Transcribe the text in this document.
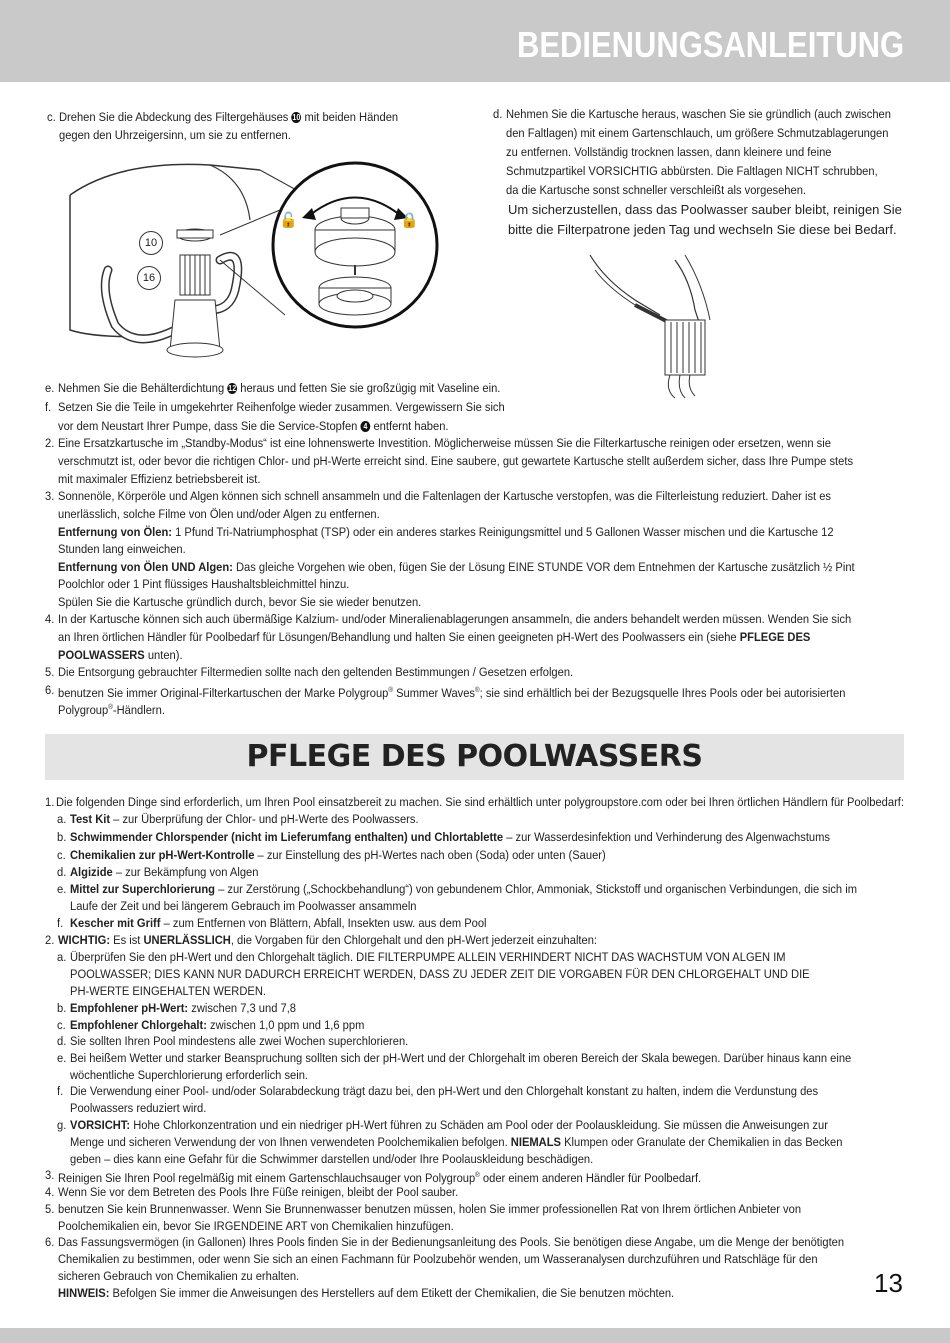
BEDIENUNGSANLEITUNG
c. Drehen Sie die Abdeckung des Filtergehäuses 10 mit beiden Händen
gegen den Uhrzeigersinn, um sie zu entfernen.
d. Nehmen Sie die Kartusche heraus, waschen Sie sie gründlich (auch zwischen
den Faltlagen) mit einem Gartenschlauch, um größere Schmutzablagerungen
zu entfernen. Vollständig trocknen lassen, dann kleinere und feine
Schmutzpartikel VORSICHTIG abbürsten. Die Faltlagen NICHT schrubben,
da die Kartusche sonst schneller verschleißt als vorgesehen.
Um sicherzustellen, dass das Poolwasser sauber bleibt, reinigen Sie
bitte die Filterpatrone jeden Tag und wechseln Sie diese bei Bedarf.
10
16
🔓	🔒
e. Nehmen Sie die Behälterdichtung 12 heraus und fetten Sie sie großzügig mit Vaseline ein.
f. Setzen Sie die Teile in umgekehrter Reihenfolge wieder zusammen. Vergewissern Sie sich
vor dem Neustart Ihrer Pumpe, dass Sie die Service-Stopfen 4 entfernt haben.
2. Eine Ersatzkartusche im „Standby-Modus“ ist eine lohnenswerte Investition. Möglicherweise müssen Sie die Filterkartusche reinigen oder ersetzen, wenn sie
verschmutzt ist, oder bevor die richtigen Chlor- und pH-Werte erreicht sind. Eine saubere, gut gewartete Kartusche stellt außerdem sicher, dass Ihre Pumpe stets
mit maximaler Effizienz betriebsbereit ist.
3. Sonnenöle, Körperöle und Algen können sich schnell ansammeln und die Faltenlagen der Kartusche verstopfen, was die Filterleistung reduziert. Daher ist es
unerlässlich, solche Filme von Ölen und/oder Algen zu entfernen.
Entfernung von Ölen: 1 Pfund Tri-Natriumphosphat (TSP) oder ein anderes starkes Reinigungsmittel und 5 Gallonen Wasser mischen und die Kartusche 12
Stunden lang einweichen.
Entfernung von Ölen UND Algen: Das gleiche Vorgehen wie oben, fügen Sie der Lösung EINE STUNDE VOR dem Entnehmen der Kartusche zusätzlich ½ Pint
Poolchlor oder 1 Pint flüssiges Haushaltsbleichmittel hinzu.
Spülen Sie die Kartusche gründlich durch, bevor Sie sie wieder benutzen.
4. In der Kartusche können sich auch übermäßige Kalzium- und/oder Mineralienablagerungen ansammeln, die anders behandelt werden müssen. Wenden Sie sich
an Ihren örtlichen Händler für Poolbedarf für Lösungen/Behandlung und halten Sie einen geeigneten pH-Wert des Poolwassers ein (siehe PFLEGE DES
POOLWASSERS unten).
5. Die Entsorgung gebrauchter Filtermedien sollte nach den geltenden Bestimmungen / Gesetzen erfolgen.
6. benutzen Sie immer Original-Filterkartuschen der Marke Polygroup® Summer Waves®; sie sind erhältlich bei der Bezugsquelle Ihres Pools oder bei autorisierten
Polygroup®-Händlern.
PFLEGE DES POOLWASSERS
1. Die folgenden Dinge sind erforderlich, um Ihren Pool einsatzbereit zu machen. Sie sind erhältlich unter polygroupstore.com oder bei Ihren örtlichen Händlern für Poolbedarf:
a. Test Kit – zur Überprüfung der Chlor- und pH-Werte des Poolwassers.
b. Schwimmender Chlorspender (nicht im Lieferumfang enthalten) und Chlortablette – zur Wasserdesinfektion und Verhinderung des Algenwachstums
c. Chemikalien zur pH-Wert-Kontrolle – zur Einstellung des pH-Wertes nach oben (Soda) oder unten (Sauer)
d. Algizide – zur Bekämpfung von Algen
e. Mittel zur Superchlorierung – zur Zerstörung („Schockbehandlung“) von gebundenem Chlor, Ammoniak, Stickstoff und organischen Verbindungen, die sich im
Laufe der Zeit und bei längerem Gebrauch im Poolwasser ansammeln
f. Kescher mit Griff – zum Entfernen von Blättern, Abfall, Insekten usw. aus dem Pool
2. WICHTIG: Es ist UNERLÄSSLICH, die Vorgaben für den Chlorgehalt und den pH-Wert jederzeit einzuhalten:
a. Überprüfen Sie den pH-Wert und den Chlorgehalt täglich. DIE FILTERPUMPE ALLEIN VERHINDERT NICHT DAS WACHSTUM VON ALGEN IM
POOLWASSER; DIES KANN NUR DADURCH ERREICHT WERDEN, DASS ZU JEDER ZEIT DIE VORGABEN FÜR DEN CHLORGEHALT UND DIE
PH-WERTE EINGEHALTEN WERDEN.
b. Empfohlener pH-Wert: zwischen 7,3 und 7,8
c. Empfohlener Chlorgehalt: zwischen 1,0 ppm und 1,6 ppm
d. Sie sollten Ihren Pool mindestens alle zwei Wochen superchlorieren.
e. Bei heißem Wetter und starker Beanspruchung sollten sich der pH-Wert und der Chlorgehalt im oberen Bereich der Skala bewegen. Darüber hinaus kann eine
wöchentliche Superchlorierung erforderlich sein.
f. Die Verwendung einer Pool- und/oder Solarabdeckung trägt dazu bei, den pH-Wert und den Chlorgehalt konstant zu halten, indem die Verdunstung des
Poolwassers reduziert wird.
g. VORSICHT: Hohe Chlorkonzentration und ein niedriger pH-Wert führen zu Schäden am Pool oder der Poolauskleidung. Sie müssen die Anweisungen zur
Menge und sicheren Verwendung der von Ihnen verwendeten Poolchemikalien befolgen. NIEMALS Klumpen oder Granulate der Chemikalien in das Becken
geben – dies kann eine Gefahr für die Schwimmer darstellen und/oder Ihre Poolauskleidung beschädigen.
3. Reinigen Sie Ihren Pool regelmäßig mit einem Gartenschlauchsauger von Polygroup® oder einem anderen Händler für Poolbedarf.
4. Wenn Sie vor dem Betreten des Pools Ihre Füße reinigen, bleibt der Pool sauber.
5. benutzen Sie kein Brunnenwasser. Wenn Sie Brunnenwasser benutzen müssen, holen Sie immer professionellen Rat von Ihrem örtlichen Anbieter von
Poolchemikalien ein, bevor Sie IRGENDEINE ART von Chemikalien hinzufügen.
6. Das Fassungsvermögen (in Gallonen) Ihres Pools finden Sie in der Bedienungsanleitung des Pools. Sie benötigen diese Angabe, um die Menge der benötigten
Chemikalien zu bestimmen, oder wenn Sie sich an einen Fachmann für Poolzubehör wenden, um Wasseranalysen durchzuführen und Ratschläge für den
sicheren Gebrauch von Chemikalien zu erhalten.
HINWEIS: Befolgen Sie immer die Anweisungen des Herstellers auf dem Etikett der Chemikalien, die Sie benutzen möchten.	13
